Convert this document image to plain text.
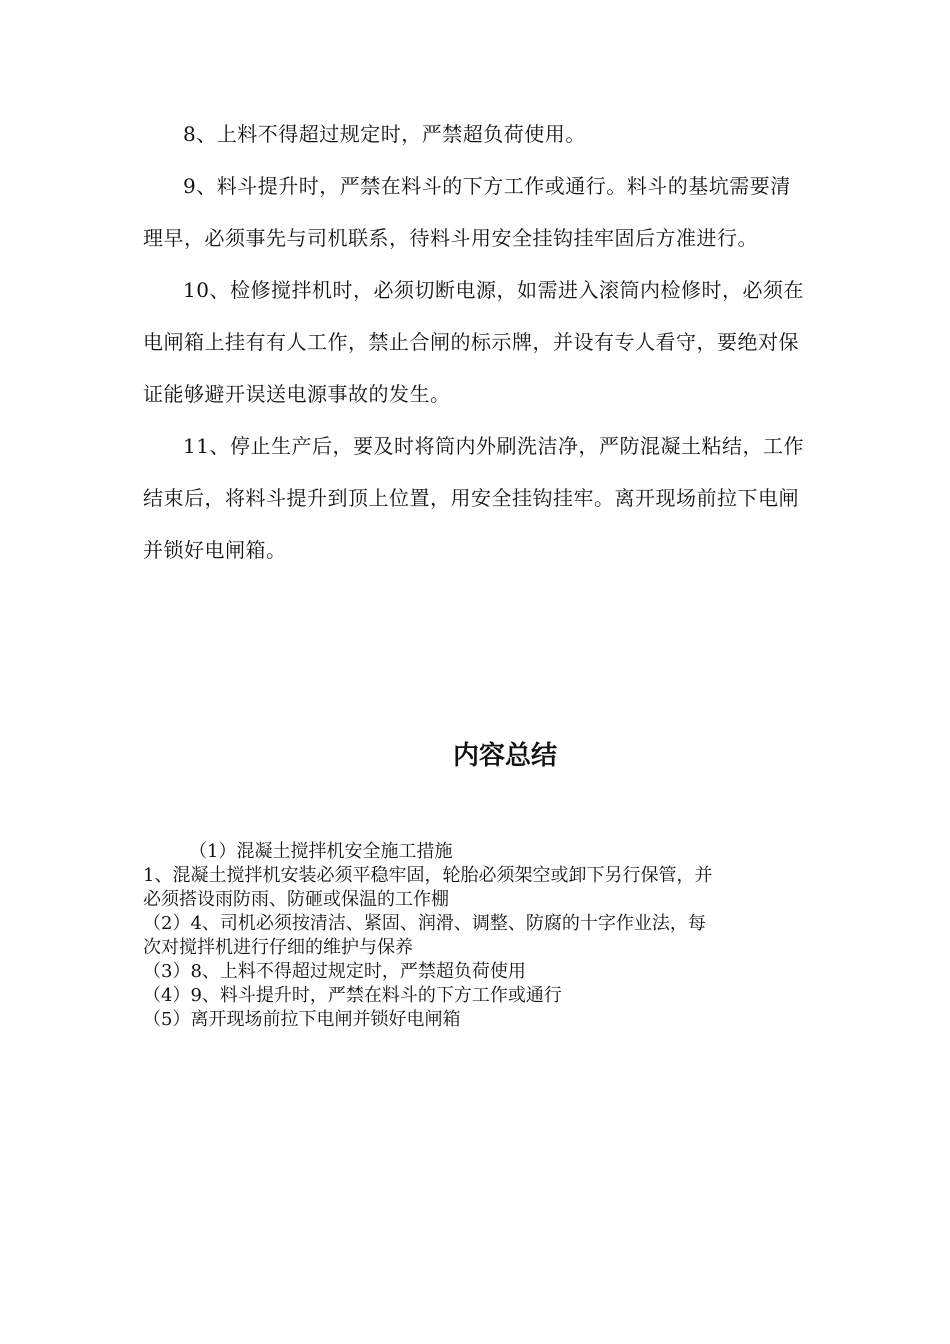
8、上料不得超过规定时，严禁超负荷使用。

9、料斗提升时，严禁在料斗的下方工作或通行。料斗的基坑需要清理早，必须事先与司机联系，待料斗用安全挂钩挂牢固后方准进行。

10、检修搅拌机时，必须切断电源，如需进入滚筒内检修时，必须在电闸箱上挂有有人工作，禁止合闸的标示牌，并设有专人看守，要绝对保证能够避开误送电源事故的发生。

11、停止生产后，要及时将筒内外刷洗洁净，严防混凝土粘结，工作结束后，将料斗提升到顶上位置，用安全挂钩挂牢。离开现场前拉下电闸并锁好电闸箱。

内容总结

（1）混凝土搅拌机安全施工措施

1、混凝土搅拌机安装必须平稳牢固，轮胎必须架空或卸下另行保管，并

必须搭设雨防雨、防砸或保温的工作棚

（2）4、司机必须按清洁、紧固、润滑、调整、防腐的十字作业法，每

次对搅拌机进行仔细的维护与保养

（3）8、上料不得超过规定时，严禁超负荷使用

（4）9、料斗提升时，严禁在料斗的下方工作或通行

（5）离开现场前拉下电闸并锁好电闸箱
